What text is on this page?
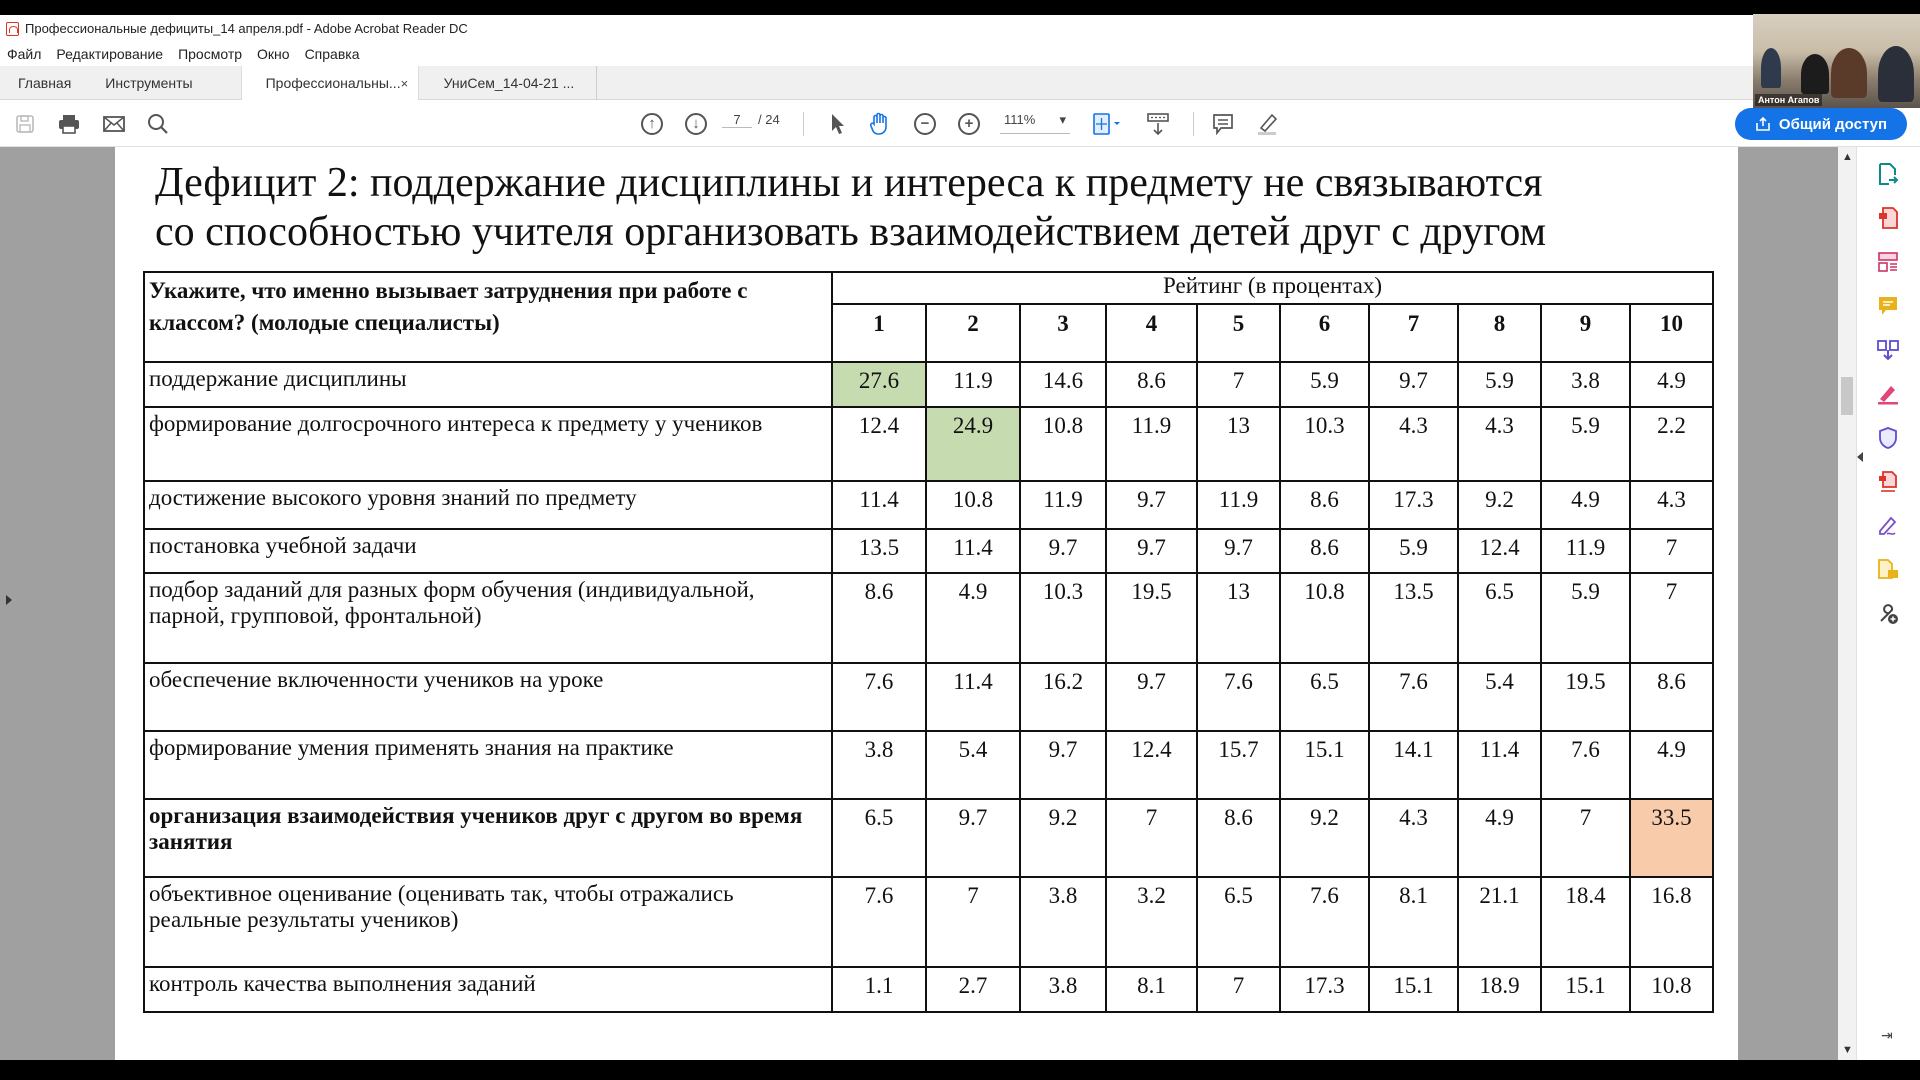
Профессиональные дефициты_14 апреля.pdf - Adobe Acrobat Reader DC
Файл	Редактирование	Просмотр	Окно	Справка
Главная	Инструменты	Профессиональны... ×	УниСем_14-04-21 ...
↑	↓	7	/ 24	−	+	111% ▾
Антон Агапов
Общий доступ
Дефицит 2: поддержание дисциплины и интереса к предмету не связываются
со способностью учителя организовать взаимодействием детей друг с другом
Укажите, что именно вызывает затруднения при работе с классом? (молодые специалисты)	Рейтинг (в процентах)									
	1	2	3	4	5	6	7	8	9	10
поддержание дисциплины	27.6	11.9	14.6	8.6	7	5.9	9.7	5.9	3.8	4.9
формирование долгосрочного интереса к предмету у учеников	12.4	24.9	10.8	11.9	13	10.3	4.3	4.3	5.9	2.2
достижение высокого уровня знаний по предмету	11.4	10.8	11.9	9.7	11.9	8.6	17.3	9.2	4.9	4.3
постановка учебной задачи	13.5	11.4	9.7	9.7	9.7	8.6	5.9	12.4	11.9	7
подбор заданий для разных форм обучения (индивидуальной, парной, групповой, фронтальной)	8.6	4.9	10.3	19.5	13	10.8	13.5	6.5	5.9	7
обеспечение включенности учеников на уроке	7.6	11.4	16.2	9.7	7.6	6.5	7.6	5.4	19.5	8.6
формирование умения применять знания на практике	3.8	5.4	9.7	12.4	15.7	15.1	14.1	11.4	7.6	4.9
организация взаимодействия учеников друг с другом во время занятия	6.5	9.7	9.2	7	8.6	9.2	4.3	4.9	7	33.5
объективное оценивание (оценивать так, чтобы отражались реальные результаты учеников)	7.6	7	3.8	3.2	6.5	7.6	8.1	21.1	18.4	16.8
контроль качества выполнения заданий	1.1	2.7	3.8	8.1	7	17.3	15.1	18.9	15.1	10.8
▲
▼
⇥
